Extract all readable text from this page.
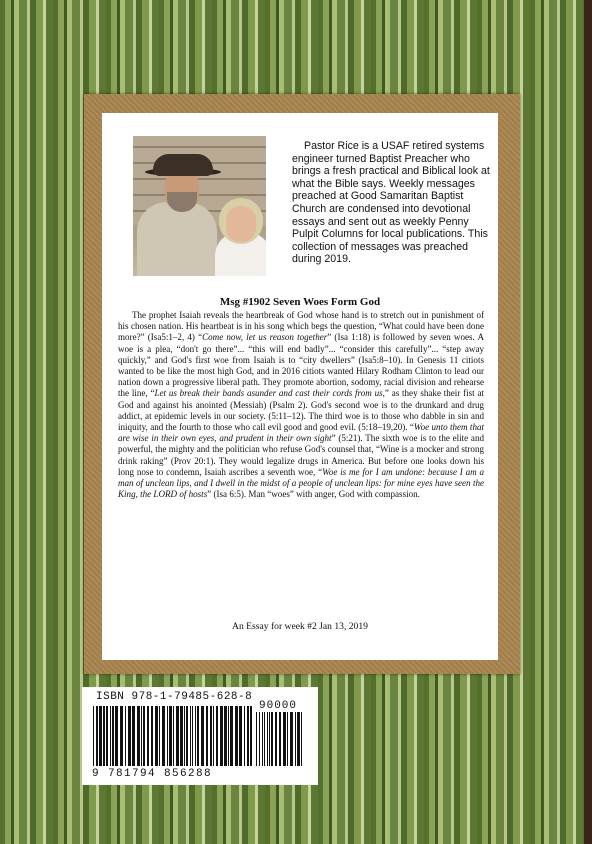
Pastor Rice is a USAF retired systems engineer turned Baptist Preacher who brings a fresh practical and Biblical look at what the Bible says. Weekly messages preached at Good Samaritan Baptist Church are condensed into devotional essays and sent out as weekly Penny Pulpit Columns for local publications. This collection of messages was preached during 2019.

Msg #1902 Seven Woes Form God

The prophet Isaiah reveals the heartbreak of God whose hand is to stretch out in punishment of his chosen nation. His heartbeat is in his song which begs the question, “What could have been done more?” (Isa5:1–2, 4) “Come now, let us reason together” (Isa 1:18) is followed by seven woes. A woe is a plea, “don't go there”... “this will end badly”... “consider this carefully”... “step away quickly,” and God's first woe from Isaiah is to “city dwellers” (Isa5:8–10). In Genesis 11 citiots wanted to be like the most high God, and in 2016 citiots wanted Hilary Rodham Clinton to lead our nation down a progressive liberal path. They promote abortion, sodomy, racial division and rehearse the line, “Let us break their bands asunder and cast their cords from us,” as they shake their fist at God and against his anointed (Messiah) (Psalm 2). God's second woe is to the drunkard and drug addict, at epidemic levels in our society. (5:11–12). The third woe is to those who dabble in sin and iniquity, and the fourth to those who call evil good and good evil. (5:18–19,20). “Woe unto them that are wise in their own eyes, and prudent in their own sight” (5:21). The sixth woe is to the elite and powerful, the mighty and the politician who refuse God's counsel that, “Wine is a mocker and strong drink raking” (Prov 20:1). They would legalize drugs in America. But before one looks down his long nose to condemn, Isaiah ascribes a seventh woe, “Woe is me for I am undone: because I am a man of unclean lips, and I dwell in the midst of a people of unclean lips: for mine eyes have seen the King, the LORD of hosts” (Isa 6:5). Man “woes” with anger, God with compassion.

An Essay for week #2 Jan 13, 2019

ISBN 978-1-79485-628-8
9 781794 856288
90000
